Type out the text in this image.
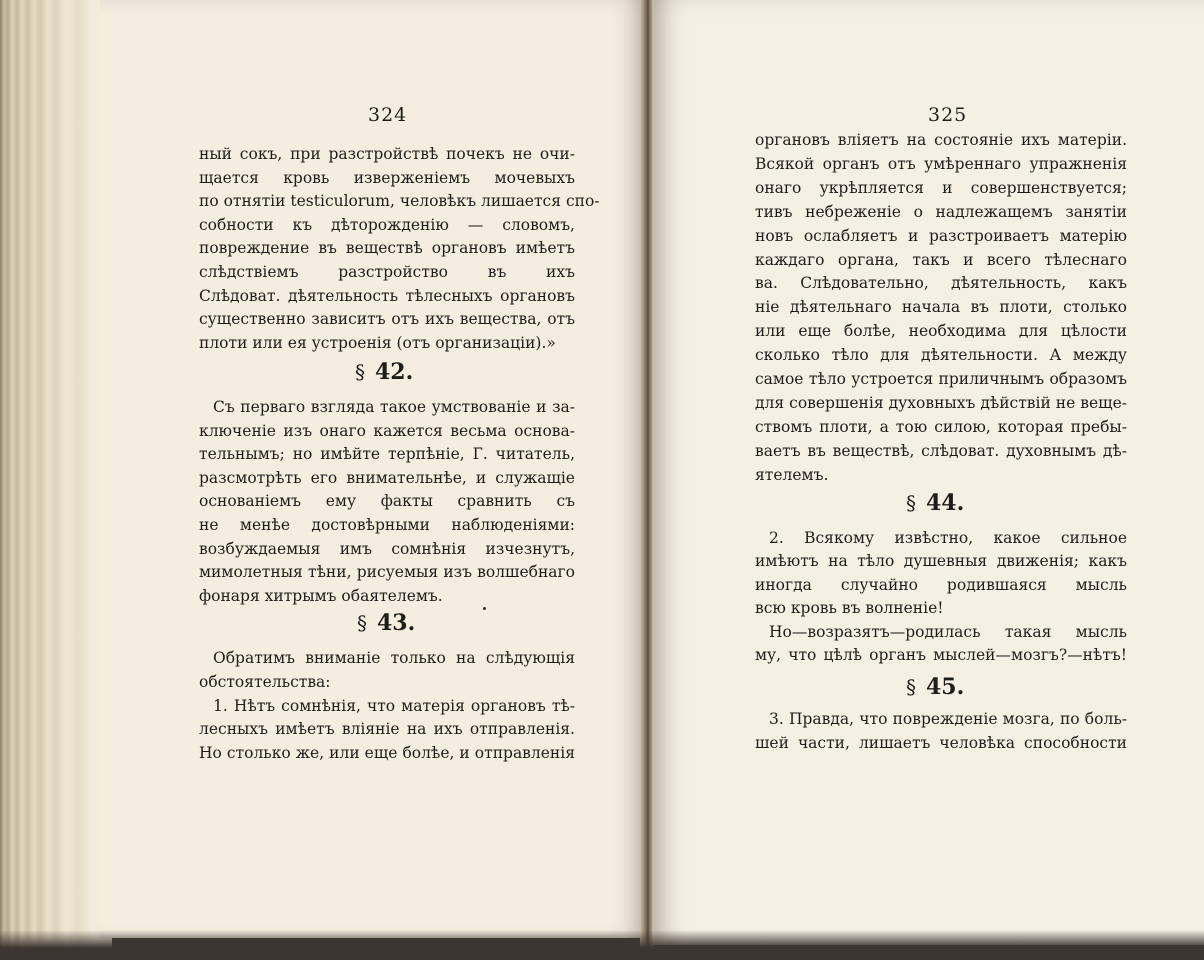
324
ный сокъ, при разстройствѣ почекъ не очи-
щается кровь изверженіемъ мочевыхъ
по отнятіи testiculorum, человѣкъ лишается спо-
собности къ дѣторожденію — словомъ,
повреждение въ веществѣ органовъ имѣетъ
слѣдствіемъ разстройство въ ихъ
Слѣдоват. дѣятельность тѣлесныхъ органовъ
существенно зависитъ отъ ихъ вещества, отъ
плоти или ея устроенія (отъ организаціи).»
§ 42.
Съ перваго взгляда такое умствованіе и за-
ключеніе изъ онаго кажется весьма основа-
тельнымъ; но имѣйте терпѣніе, Г. читатель,
разсмотрѣть его внимательнѣе, и служащіе
основаніемъ ему факты сравнить съ
не менѣе достовѣрными наблюденіями:
возбуждаемыя имъ сомнѣнія изчезнутъ,
мимолетныя тѣни, рисуемыя изъ волшебнаго
фонаря хитрымъ обаятелемъ.
§ 43.
Обратимъ вниманіе только на слѣдующія
обстоятельства:
1. Нѣтъ сомнѣнія, что матерія органовъ тѣ-
лесныхъ имѣетъ вліяніе на ихъ отправленія.
Но столько же, или еще болѣе, и отправленія
325
органовъ вліяетъ на состояніе ихъ матеріи.
Всякой органъ отъ умѣреннаго упражненія
онаго укрѣпляется и совершенствуется;
тивъ небреженіе о надлежащемъ занятіи
новъ ослабляетъ и разстроиваетъ матерію
каждаго органа, такъ и всего тѣлеснаго
ва. Слѣдовательно, дѣятельность, какъ
ніе дѣятельнаго начала въ плоти, столько
или еще болѣе, необходима для цѣлости
сколько тѣло для дѣятельности. А между
самое тѣло устроется приличнымъ образомъ
для совершенія духовныхъ дѣйствій не веще-
ствомъ плоти, а тою силою, которая пребы-
ваетъ въ веществѣ, слѣдоват. духовнымъ дѣ-
ятелемъ.
§ 44.
2. Всякому извѣстно, какое сильное
имѣютъ на тѣло душевныя движенія; какъ
иногда случайно родившаяся мысль
всю кровь въ волненіе!
Но—возразятъ—родилась такая мысль
му, что цѣлѣ органъ мыслей—мозгъ?—нѣтъ!
§ 45.
3. Правда, что поврежденіе мозга, по боль-
шей части, лишаетъ человѣка способности
